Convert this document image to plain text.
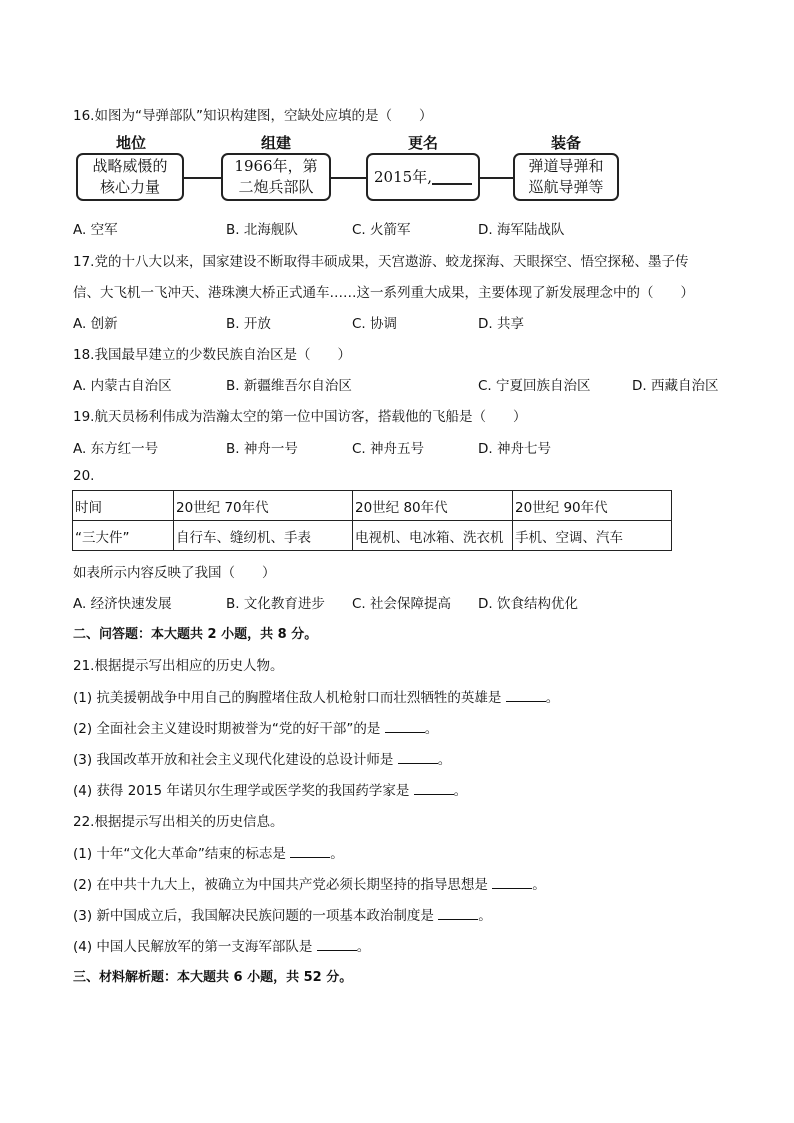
16.如图为“导弹部队”知识构建图，空缺处应填的是（　　）
地位	组建	更名	装备
战略威慑的
核心力量
1966年，第
二炮兵部队
2015年,
弹道导弹和
巡航导弹等
A. 空军	B. 北海舰队	C. 火箭军	D. 海军陆战队
17.党的十八大以来，国家建设不断取得丰硕成果，天宫遨游、蛟龙探海、天眼探空、悟空探秘、墨子传
信、大飞机一飞冲天、港珠澳大桥正式通车……这一系列重大成果，主要体现了新发展理念中的（　　）
A. 创新	B. 开放	C. 协调	D. 共享
18.我国最早建立的少数民族自治区是（　　）
A. 内蒙古自治区	B. 新疆维吾尔自治区	C. 宁夏回族自治区	D. 西藏自治区
19.航天员杨利伟成为浩瀚太空的第一位中国访客，搭载他的飞船是（　　）
A. 东方红一号	B. 神舟一号	C. 神舟五号	D. 神舟七号
20.
时间	20世纪 70年代	20世纪 80年代	20世纪 90年代
“三大件”	自行车、缝纫机、手表	电视机、电冰箱、洗衣机	手机、空调、汽车
如表所示内容反映了我国（　　）
A. 经济快速发展	B. 文化教育进步 C. 社会保障提高 D. 饮食结构优化
二、问答题：本大题共 2 小题，共 8 分。
21.根据提示写出相应的历史人物。
(1) 抗美援朝战争中用自己的胸膛堵住敌人机枪射口而壮烈牺牲的英雄是	。
(2) 全面社会主义建设时期被誉为“党的好干部”的是	。
(3) 我国改革开放和社会主义现代化建设的总设计师是	。
(4) 获得 2015 年诺贝尔生理学或医学奖的我国药学家是	。
22.根据提示写出相关的历史信息。
(1) 十年“文化大革命”结束的标志是	。
(2) 在中共十九大上，被确立为中国共产党必须长期坚持的指导思想是	。
(3) 新中国成立后，我国解决民族问题的一项基本政治制度是	。
(4) 中国人民解放军的第一支海军部队是	。
三、材料解析题：本大题共 6 小题，共 52 分。
